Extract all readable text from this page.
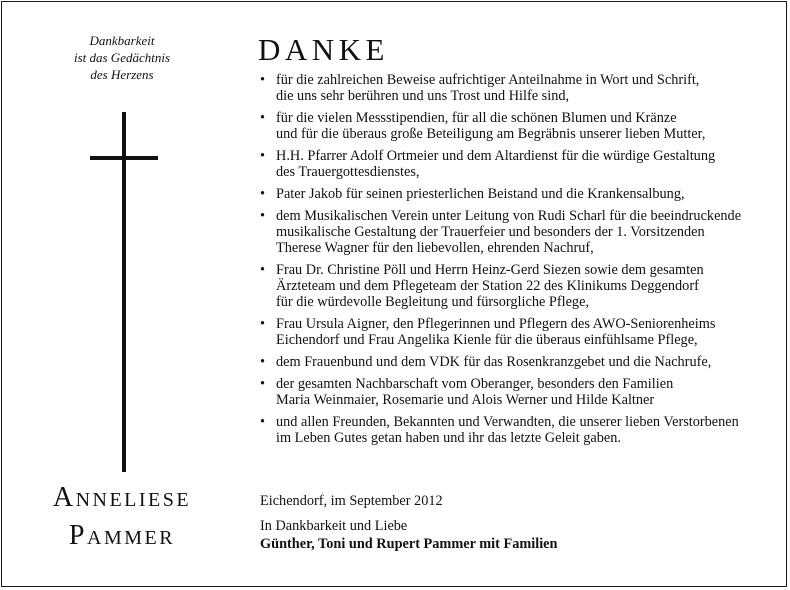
Dankbarkeit
ist das Gedächtnis
des Herzens
Anneliese
Pammer
DANKE
• für die zahlreichen Beweise aufrichtiger Anteilnahme in Wort und Schrift,
die uns sehr berühren und uns Trost und Hilfe sind,
• für die vielen Messstipendien, für all die schönen Blumen und Kränze
und für die überaus große Beteiligung am Begräbnis unserer lieben Mutter,
• H.H. Pfarrer Adolf Ortmeier und dem Altardienst für die würdige Gestaltung
des Trauergottesdienstes,
• Pater Jakob für seinen priesterlichen Beistand und die Krankensalbung,
• dem Musikalischen Verein unter Leitung von Rudi Scharl für die beeindruckende
musikalische Gestaltung der Trauerfeier und besonders der 1. Vorsitzenden
Therese Wagner für den liebevollen, ehrenden Nachruf,
• Frau Dr. Christine Pöll und Herrn Heinz-Gerd Siezen sowie dem gesamten
Ärzteteam und dem Pflegeteam der Station 22 des Klinikums Deggendorf
für die würdevolle Begleitung und fürsorgliche Pflege,
• Frau Ursula Aigner, den Pflegerinnen und Pflegern des AWO-Seniorenheims
Eichendorf und Frau Angelika Kienle für die überaus einfühlsame Pflege,
• dem Frauenbund und dem VDK für das Rosenkranzgebet und die Nachrufe,
• der gesamten Nachbarschaft vom Oberanger, besonders den Familien
Maria Weinmaier, Rosemarie und Alois Werner und Hilde Kaltner
• und allen Freunden, Bekannten und Verwandten, die unserer lieben Verstorbenen
im Leben Gutes getan haben und ihr das letzte Geleit gaben.
Eichendorf, im September 2012
In Dankbarkeit und Liebe
Günther, Toni und Rupert Pammer mit Familien
